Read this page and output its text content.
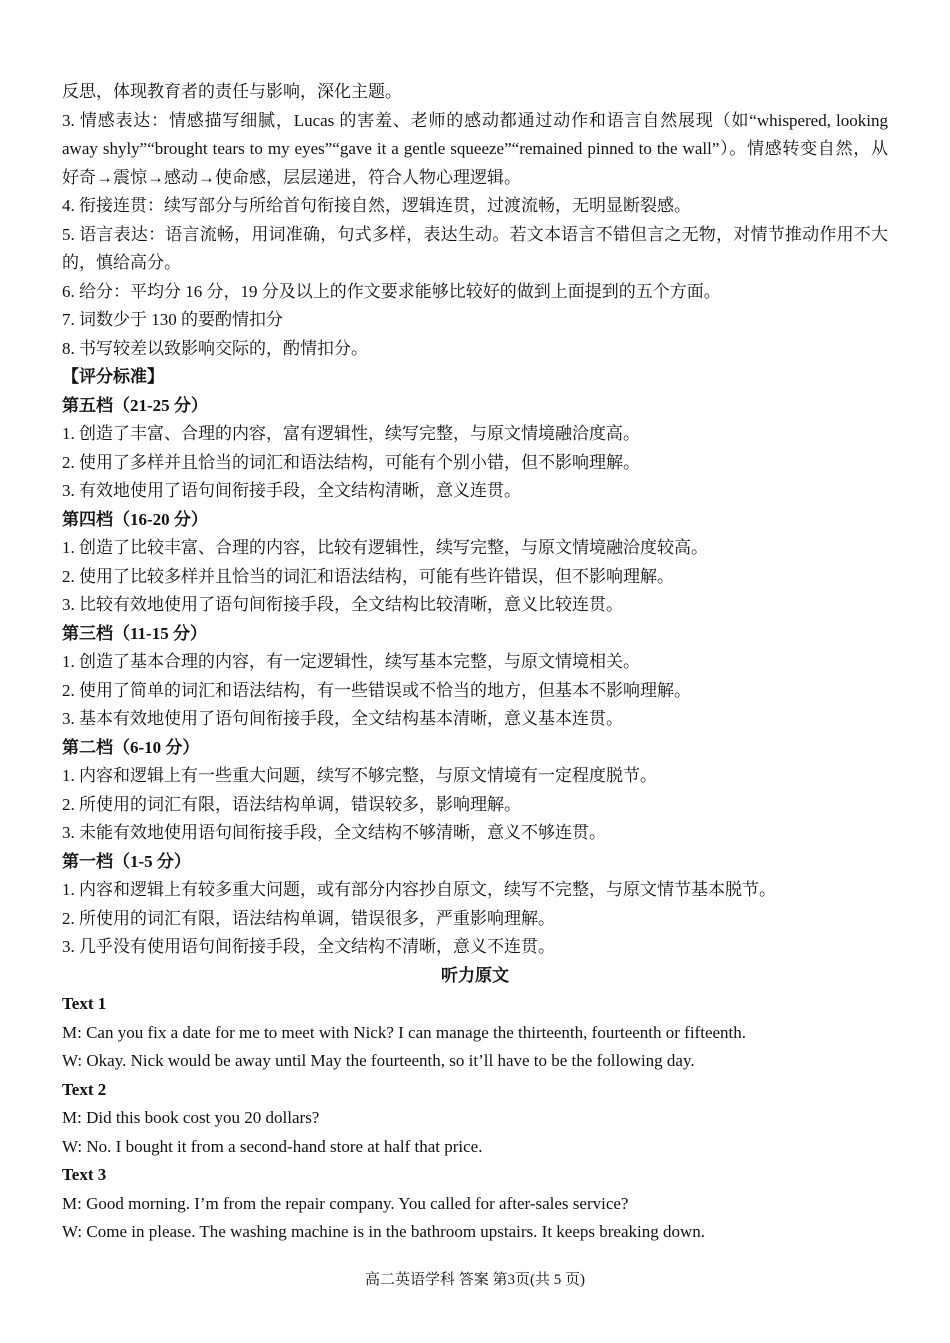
反思，体现教育者的责任与影响，深化主题。
3. 情感表达：情感描写细腻，Lucas 的害羞、老师的感动都通过动作和语言自然展现（如“whispered, looking away shyly”“brought tears to my eyes”“gave it a gentle squeeze”“remained pinned to the wall”）。情感转变自然，从好奇→震惊→感动→使命感，层层递进，符合人物心理逻辑。
4. 衔接连贯：续写部分与所给首句衔接自然，逻辑连贯，过渡流畅，无明显断裂感。
5. 语言表达：语言流畅，用词准确，句式多样，表达生动。若文本语言不错但言之无物，对情节推动作用不大的，慎给高分。
6. 给分：平均分 16 分，19 分及以上的作文要求能够比较好的做到上面提到的五个方面。
7. 词数少于 130 的要酌情扣分
8. 书写较差以致影响交际的，酌情扣分。
【评分标准】
第五档（21-25 分）
1. 创造了丰富、合理的内容，富有逻辑性，续写完整，与原文情境融洽度高。
2. 使用了多样并且恰当的词汇和语法结构，可能有个别小错，但不影响理解。
3. 有效地使用了语句间衔接手段，全文结构清晰，意义连贯。
第四档（16-20 分）
1. 创造了比较丰富、合理的内容，比较有逻辑性，续写完整，与原文情境融洽度较高。
2. 使用了比较多样并且恰当的词汇和语法结构，可能有些许错误，但不影响理解。
3. 比较有效地使用了语句间衔接手段，全文结构比较清晰，意义比较连贯。
第三档（11-15 分）
1. 创造了基本合理的内容，有一定逻辑性，续写基本完整，与原文情境相关。
2. 使用了简单的词汇和语法结构，有一些错误或不恰当的地方，但基本不影响理解。
3. 基本有效地使用了语句间衔接手段，全文结构基本清晰，意义基本连贯。
第二档（6-10 分）
1. 内容和逻辑上有一些重大问题，续写不够完整，与原文情境有一定程度脱节。
2. 所使用的词汇有限，语法结构单调，错误较多，影响理解。
3. 未能有效地使用语句间衔接手段，全文结构不够清晰，意义不够连贯。
第一档（1-5 分）
1. 内容和逻辑上有较多重大问题，或有部分内容抄自原文，续写不完整，与原文情节基本脱节。
2. 所使用的词汇有限，语法结构单调，错误很多，严重影响理解。
3. 几乎没有使用语句间衔接手段，全文结构不清晰，意义不连贯。
听力原文
Text 1
M: Can you fix a date for me to meet with Nick? I can manage the thirteenth, fourteenth or fifteenth.
W: Okay. Nick would be away until May the fourteenth, so it’ll have to be the following day.
Text 2
M: Did this book cost you 20 dollars?
W: No. I bought it from a second-hand store at half that price.
Text 3
M: Good morning. I’m from the repair company. You called for after-sales service?
W: Come in please. The washing machine is in the bathroom upstairs. It keeps breaking down.
高二英语学科 答案 第3页(共 5 页)
